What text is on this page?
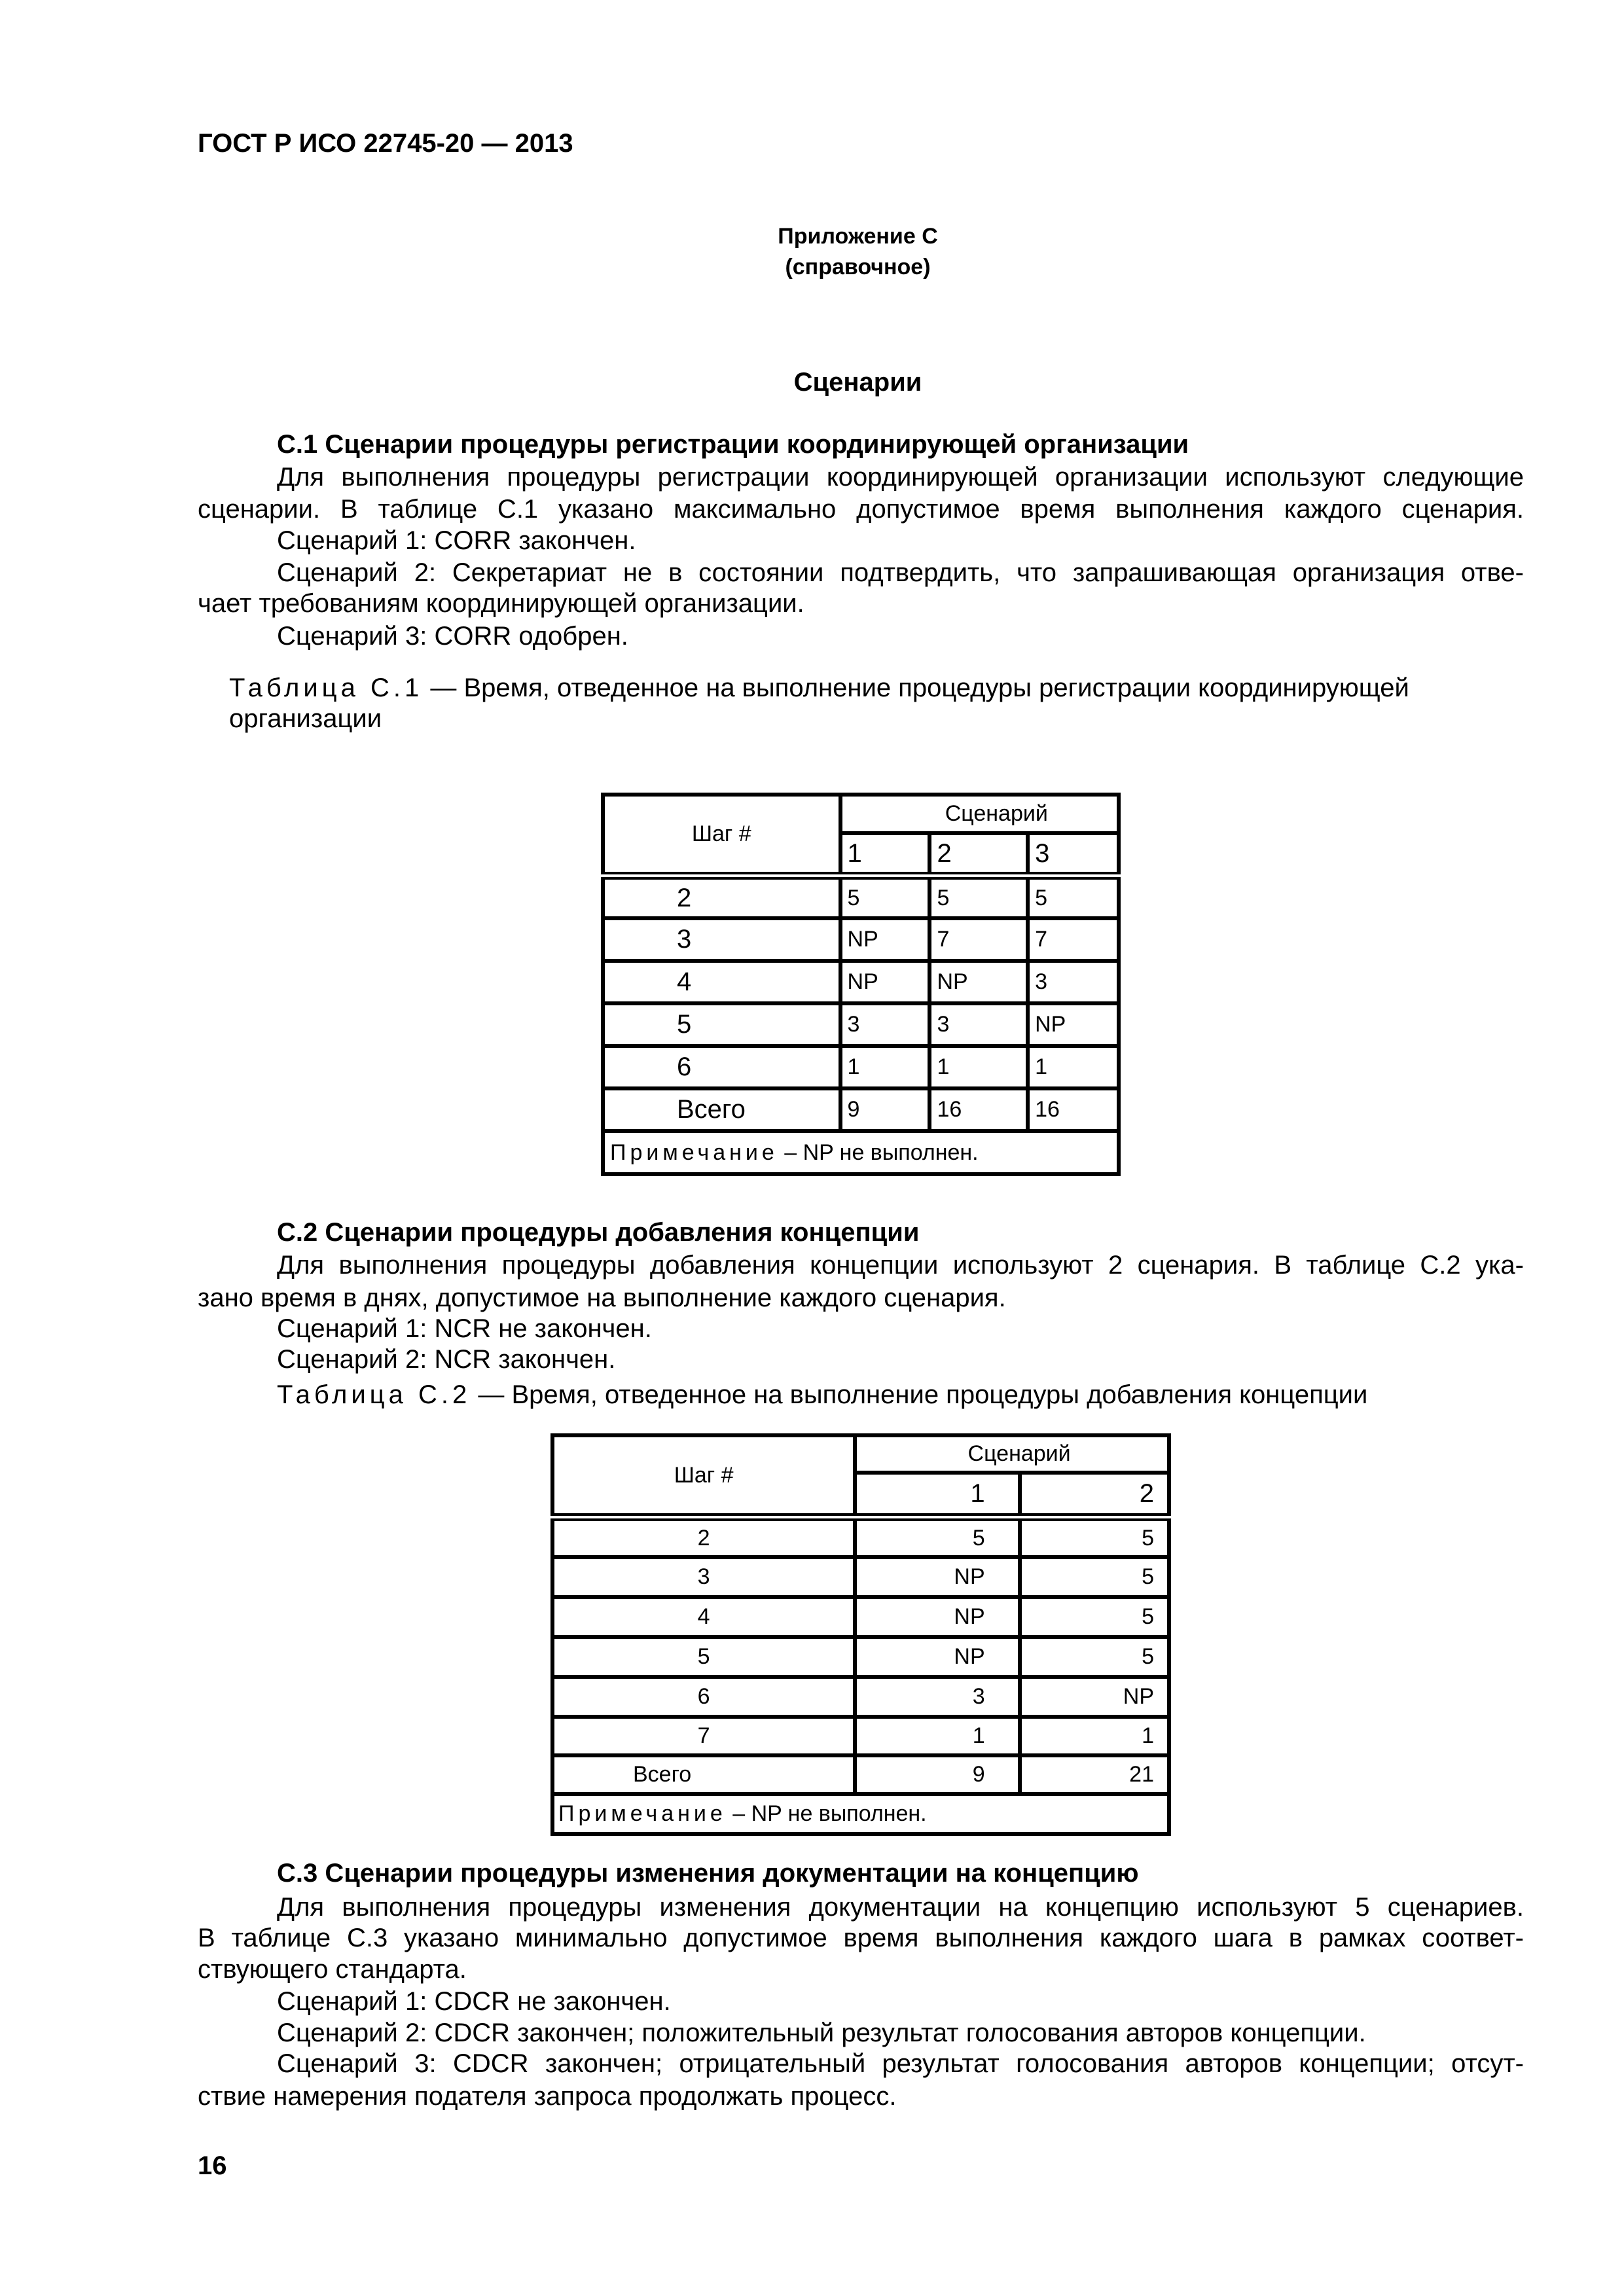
ГОСТ Р ИСО 22745-20 — 2013
Приложение С
(справочное)
Сценарии
С.1 Сценарии процедуры регистрации координирующей организации
Для выполнения процедуры регистрации координирующей организации используют следующие
сценарии. В таблице С.1 указано максимально допустимое время выполнения каждого сценария.
Сценарий 1: CORR закончен.
Сценарий 2: Секретариат не в состоянии подтвердить, что запрашивающая организация отве-
чает требованиям координирующей организации.
Сценарий 3: CORR одобрен.
Таблица С.1 — Время, отведенное на выполнение процедуры регистрации координирующей
организации
Шаг #	Сценарий		
	1	2	3
2	5	5	5
3	NP	7	7
4	NP	NP	3
5	3	3	NP
6	1	1	1
Всего	9	16	16
Примечание – NP не выполнен.			
С.2 Сценарии процедуры добавления концепции
Для выполнения процедуры добавления концепции используют 2 сценария. В таблице С.2 ука-
зано время в днях, допустимое на выполнение каждого сценария.
Сценарий 1: NCR не закончен.
Сценарий 2: NCR закончен.
Таблица С.2 — Время, отведенное на выполнение процедуры добавления концепции
Шаг #	Сценарий	
	1	2
2	5	5
3	NP	5
4	NP	5
5	NP	5
6	3	NP
7	1	1
Всего	9	21
Примечание – NP не выполнен.		
С.3 Сценарии процедуры изменения документации на концепцию
Для выполнения процедуры изменения документации на концепцию используют 5 сценариев.
В таблице С.3 указано минимально допустимое время выполнения каждого шага в рамках соответ-
ствующего стандарта.
Сценарий 1: CDCR не закончен.
Сценарий 2: CDCR закончен; положительный результат голосования авторов концепции.
Сценарий 3: CDCR закончен; отрицательный результат голосования авторов концепции; отсут-
ствие намерения подателя запроса продолжать процесс.
16
